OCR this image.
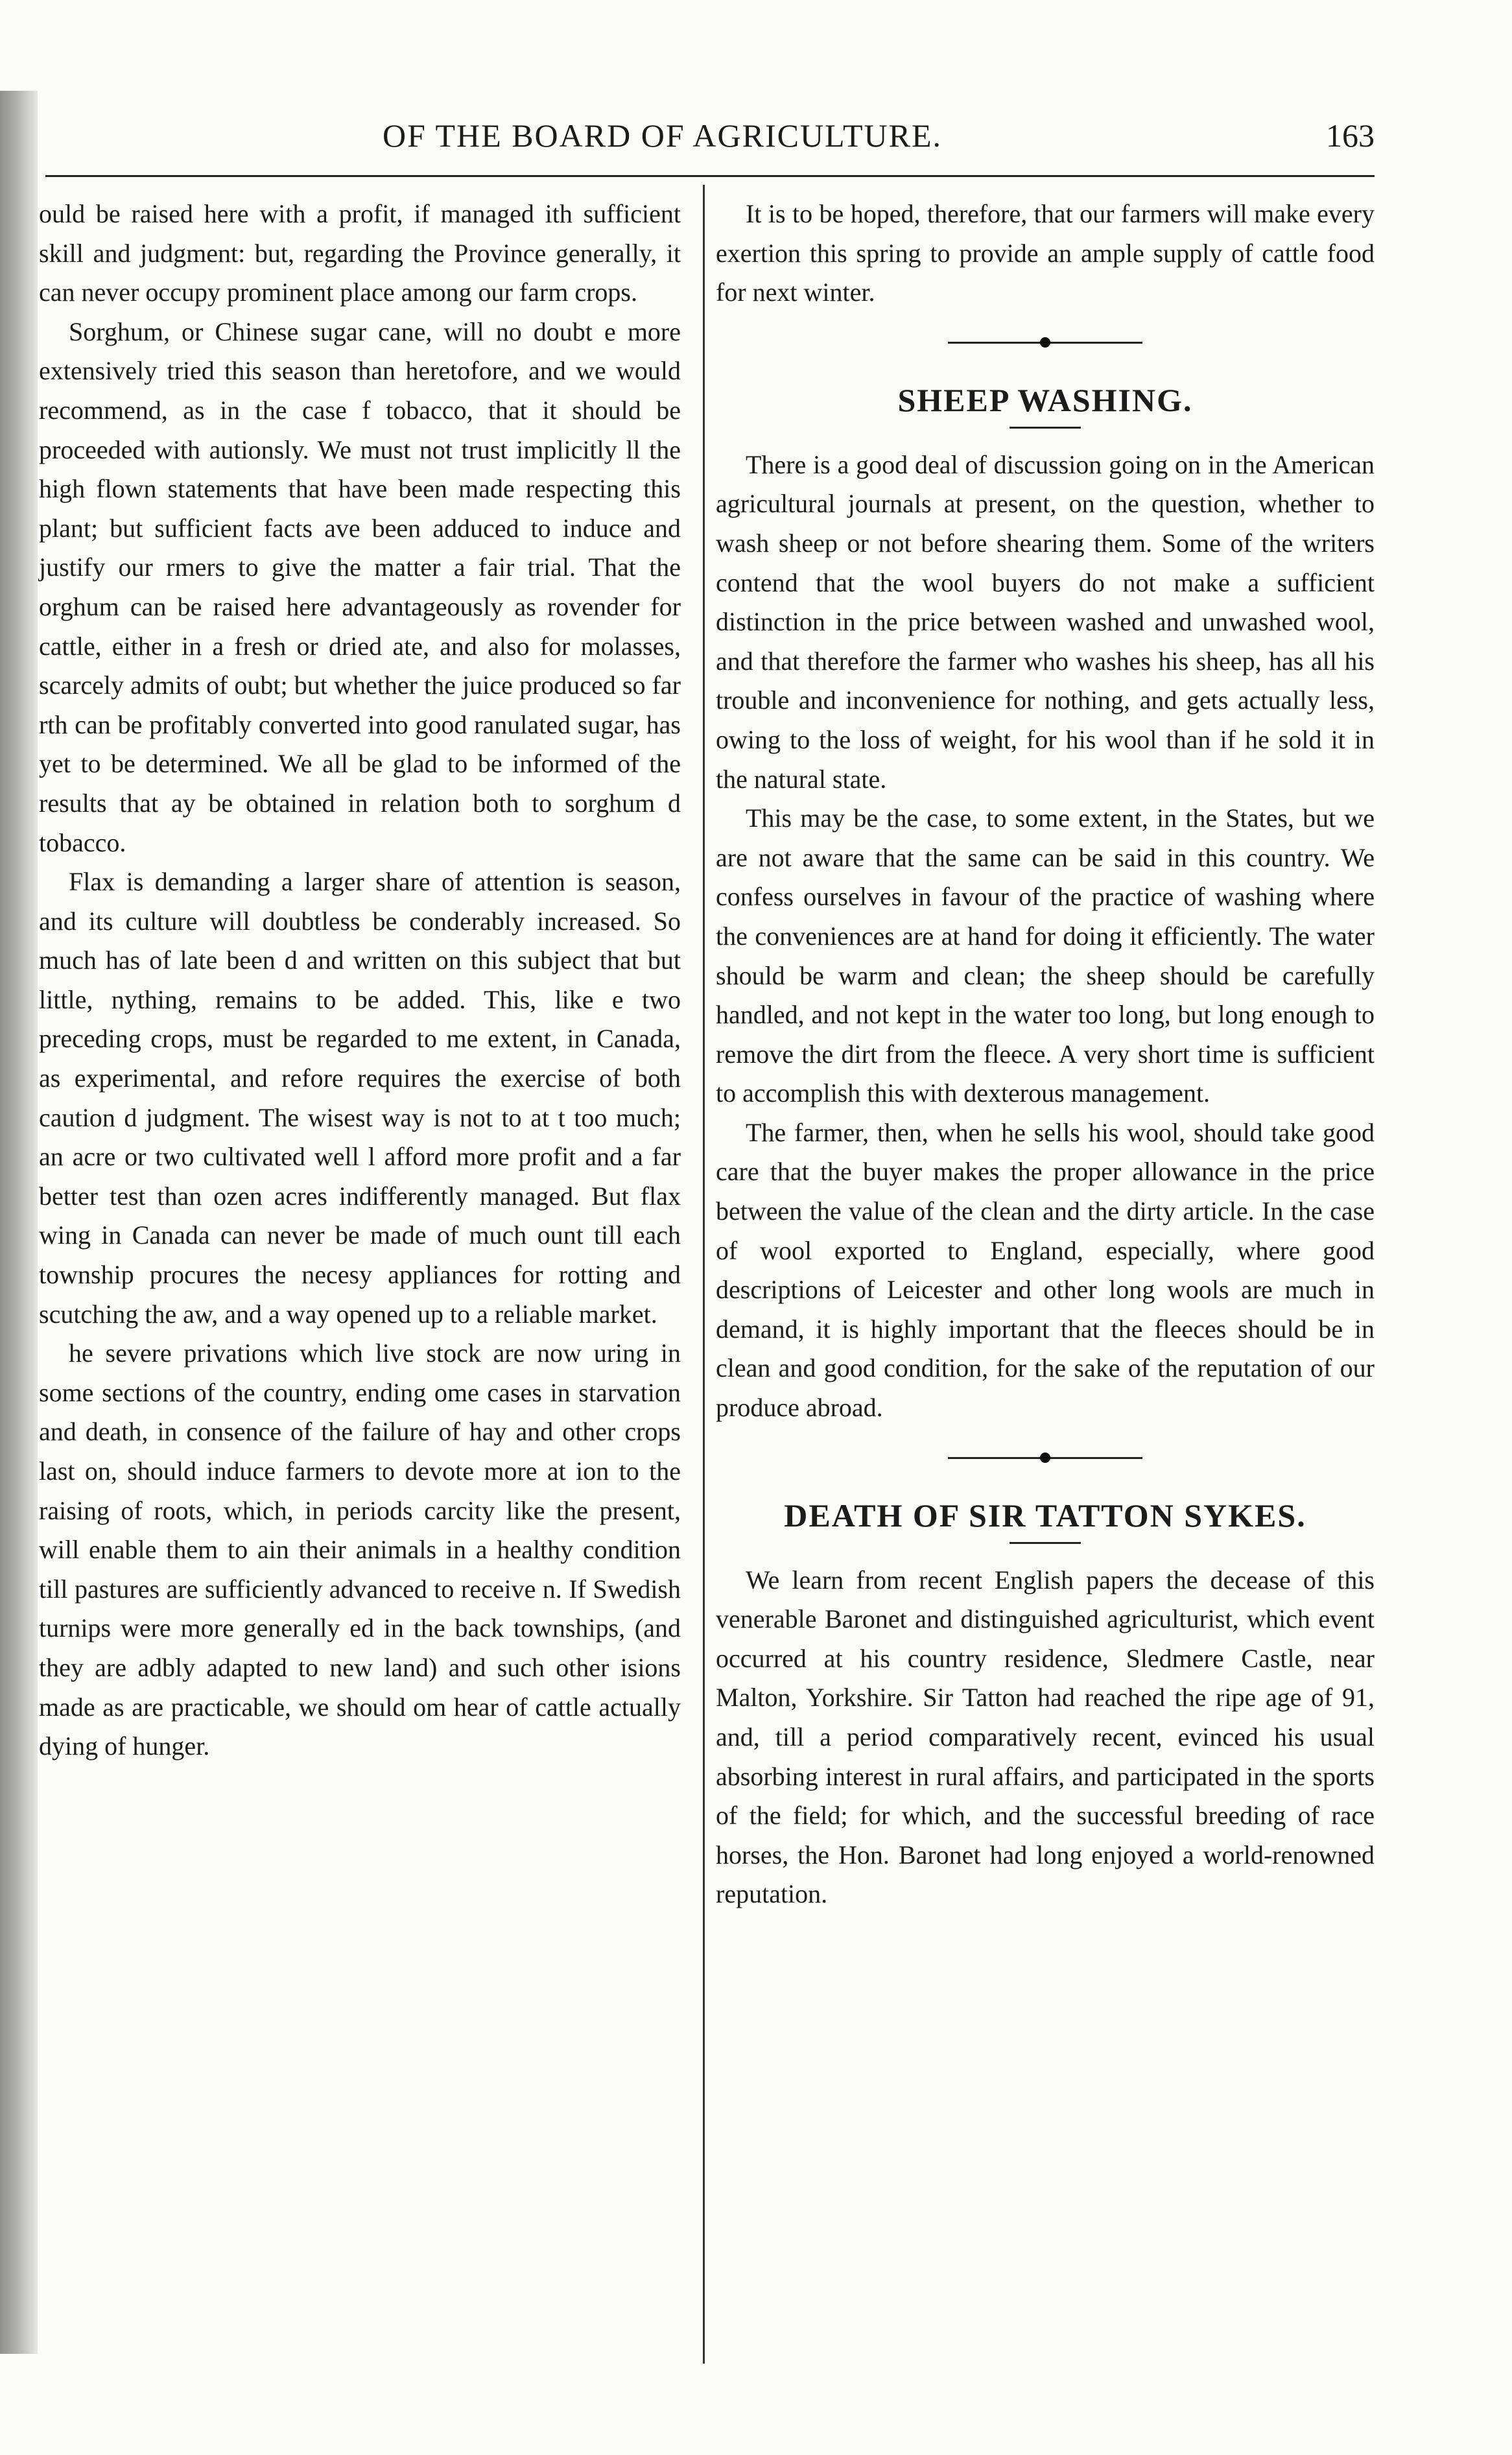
OF THE BOARD OF AGRICULTURE.	163

ould be raised here with a profit, if managed ith sufficient skill and judgment: but, regarding the Province generally, it can never occupy prominent place among our farm crops.

Sorghum, or Chinese sugar cane, will no doubt e more extensively tried this season than heretofore, and we would recommend, as in the case f tobacco, that it should be proceeded with autionsly. We must not trust implicitly ll the high flown statements that have been made respecting this plant; but sufficient facts ave been adduced to induce and justify our rmers to give the matter a fair trial. That the orghum can be raised here advantageously as rovender for cattle, either in a fresh or dried ate, and also for molasses, scarcely admits of oubt; but whether the juice produced so far rth can be profitably converted into good ranulated sugar, has yet to be determined. We all be glad to be informed of the results that ay be obtained in relation both to sorghum d tobacco.

Flax is demanding a larger share of attention is season, and its culture will doubtless be conderably increased. So much has of late been d and written on this subject that but little, nything, remains to be added. This, like e two preceding crops, must be regarded to me extent, in Canada, as experimental, and refore requires the exercise of both caution d judgment. The wisest way is not to at t too much; an acre or two cultivated well l afford more profit and a far better test than ozen acres indifferently managed. But flax wing in Canada can never be made of much ount till each township procures the necesy appliances for rotting and scutching the aw, and a way opened up to a reliable market.

he severe privations which live stock are now uring in some sections of the country, ending ome cases in starvation and death, in consence of the failure of hay and other crops last on, should induce farmers to devote more at ion to the raising of roots, which, in periods carcity like the present, will enable them to ain their animals in a healthy condition till pastures are sufficiently advanced to receive n. If Swedish turnips were more generally ed in the back townships, (and they are adbly adapted to new land) and such other isions made as are practicable, we should om hear of cattle actually dying of hunger.

It is to be hoped, therefore, that our farmers will make every exertion this spring to provide an ample supply of cattle food for next winter.

SHEEP WASHING.

There is a good deal of discussion going on in the American agricultural journals at present, on the question, whether to wash sheep or not before shearing them. Some of the writers contend that the wool buyers do not make a sufficient distinction in the price between washed and unwashed wool, and that therefore the farmer who washes his sheep, has all his trouble and inconvenience for nothing, and gets actually less, owing to the loss of weight, for his wool than if he sold it in the natural state.

This may be the case, to some extent, in the States, but we are not aware that the same can be said in this country. We confess ourselves in favour of the practice of washing where the conveniences are at hand for doing it efficiently. The water should be warm and clean; the sheep should be carefully handled, and not kept in the water too long, but long enough to remove the dirt from the fleece. A very short time is sufficient to accomplish this with dexterous management.

The farmer, then, when he sells his wool, should take good care that the buyer makes the proper allowance in the price between the value of the clean and the dirty article. In the case of wool exported to England, especially, where good descriptions of Leicester and other long wools are much in demand, it is highly important that the fleeces should be in clean and good condition, for the sake of the reputation of our produce abroad.

DEATH OF SIR TATTON SYKES.

We learn from recent English papers the decease of this venerable Baronet and distinguished agriculturist, which event occurred at his country residence, Sledmere Castle, near Malton, Yorkshire. Sir Tatton had reached the ripe age of 91, and, till a period comparatively recent, evinced his usual absorbing interest in rural affairs, and participated in the sports of the field; for which, and the successful breeding of race horses, the Hon. Baronet had long enjoyed a world-renowned reputation.
